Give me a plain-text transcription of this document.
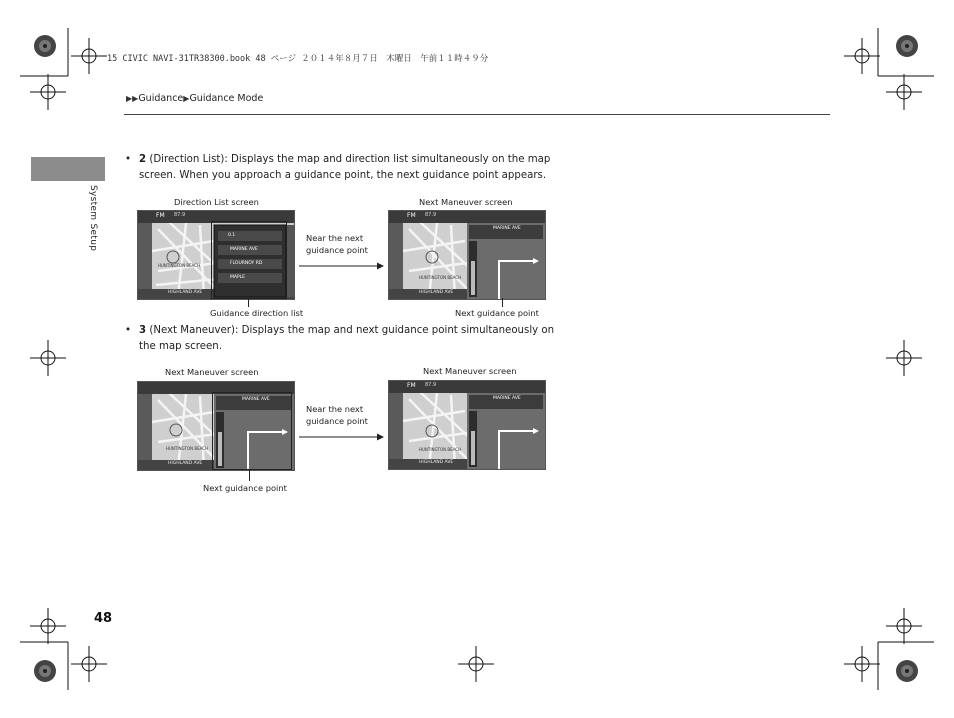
15 CIVIC NAVI-31TR38300.book 48 ページ ２０１４年８月７日　木曜日　午前１１時４９分
▶▶Guidance▶Guidance Mode
System Setup
• 2 (Direction List): Displays the map and direction list simultaneously on the map screen. When you approach a guidance point, the next guidance point appears.
Direction List screen	Next Maneuver screen
FM 87.9
HUNTINGTON BEACH
HIGHLAND AVE
0.1
MARINE AVE
FLOURNOY RD
MAPLE
Guidance direction list
Near the next guidance point
FM 87.9
MARINE AVE
HUNTINGTON BEACH
HIGHLAND AVE
Next guidance point
• 3 (Next Maneuver): Displays the map and next guidance point simultaneously on the map screen.
Next Maneuver screen	Next Maneuver screen
MARINE AVE
HUNTINGTON BEACH
HIGHLAND AVE
Next guidance point
Near the next guidance point
FM 87.9
MARINE AVE
HUNTINGTON BEACH
HIGHLAND AVE
48
